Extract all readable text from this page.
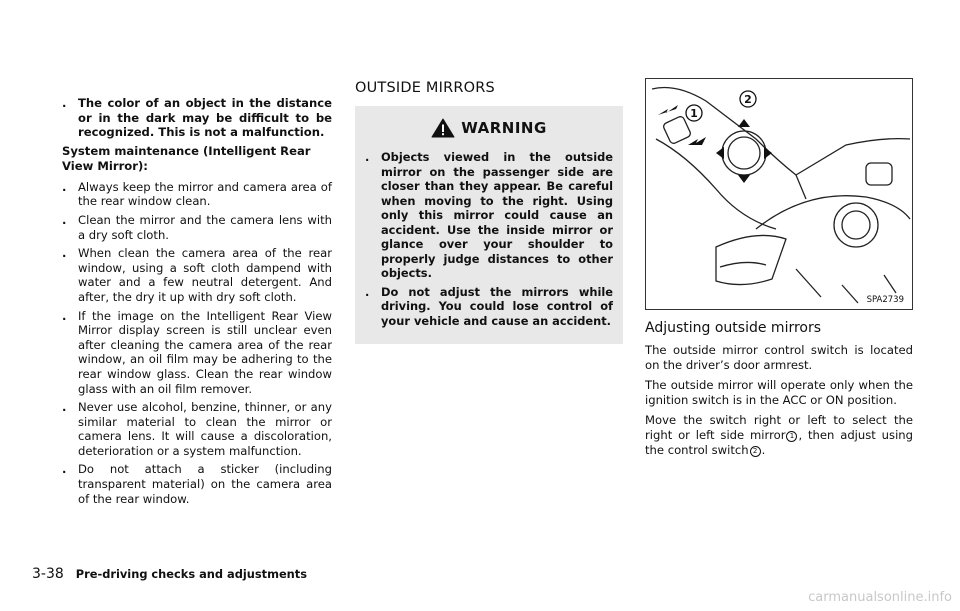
. The color of an object in the distance or in the dark may be difficult to be recognized. This is not a malfunction.

System maintenance (Intelligent Rear View Mirror):

. Always keep the mirror and camera area of the rear window clean.
. Clean the mirror and the camera lens with a dry soft cloth.
. When clean the camera area of the rear window, using a soft cloth dampend with water and a few neutral detergent. And after, the dry it up with dry soft cloth.
. If the image on the Intelligent Rear View Mirror display screen is still unclear even after cleaning the camera area of the rear window, an oil film may be adhering to the rear window glass. Clean the rear window glass with an oil film remover.
. Never use alcohol, benzine, thinner, or any similar material to clean the mirror or camera lens. It will cause a discoloration, deterioration or a system malfunction.
. Do not attach a sticker (including transparent material) on the camera area of the rear window.
OUTSIDE MIRRORS
WARNING
. Objects viewed in the outside mirror on the passenger side are closer than they appear. Be careful when moving to the right. Using only this mirror could cause an accident. Use the inside mirror or glance over your shoulder to properly judge distances to other objects.
. Do not adjust the mirrors while driving. You could lose control of your vehicle and cause an accident.
1
2
SPA2739
Adjusting outside mirrors

The outside mirror control switch is located on the driver’s door armrest.

The outside mirror will operate only when the ignition switch is in the ACC or ON position.

Move the switch right or left to select the right or left side mirror 1 , then adjust using the control switch 2 .

3-38 Pre-driving checks and adjustments
carmanualsonline.info
